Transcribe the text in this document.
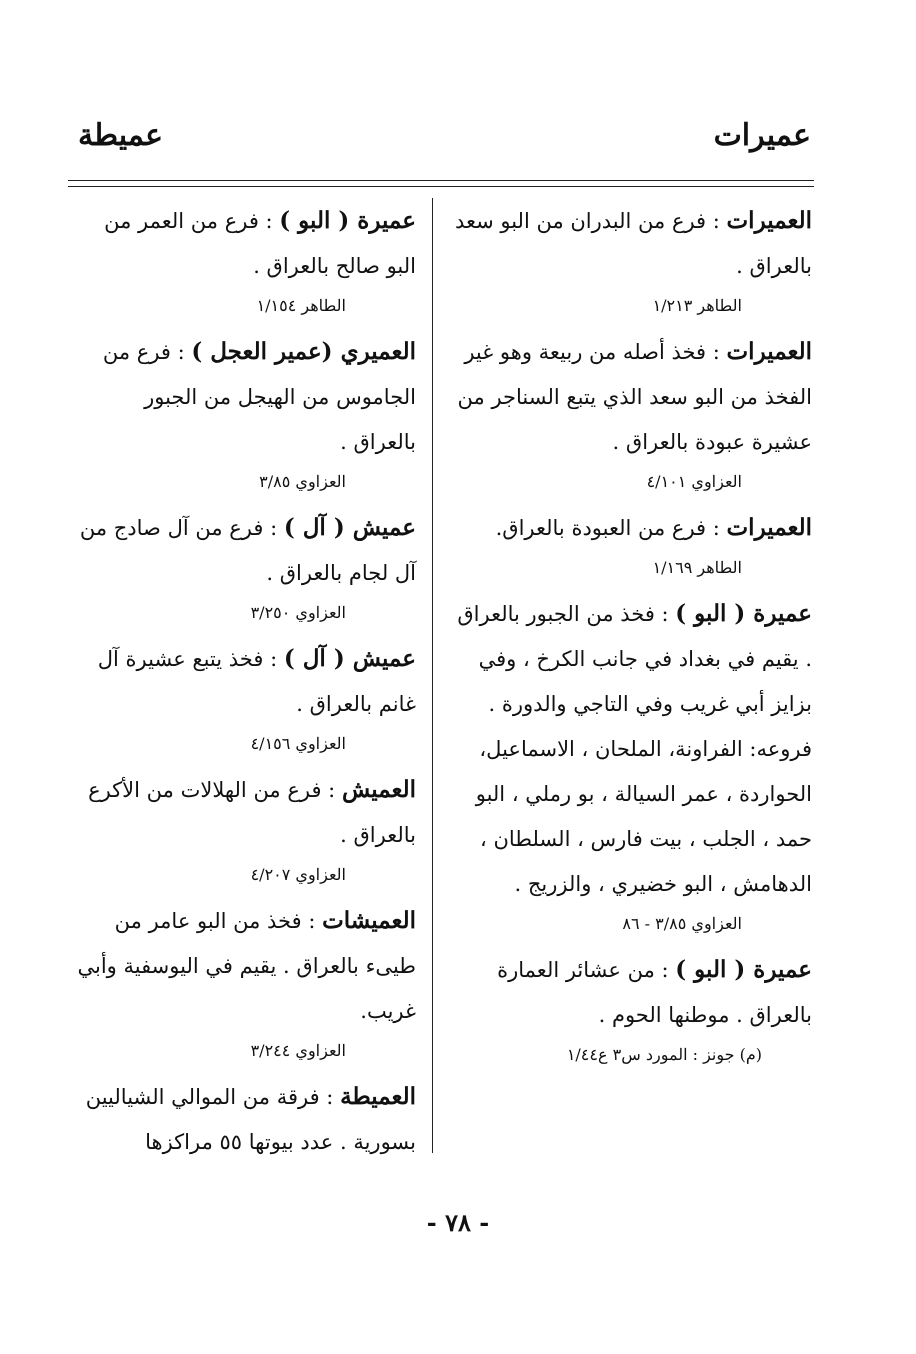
عميرات
عميطة
العميرات : فرع من البدران من البو سعد بالعراق .
الطاهر ١/٢١٣
العميرات : فخذ أصله من ربيعة وهو غير الفخذ من البو سعد الذي يتبع السناجر من عشيرة عبودة بالعراق .
العزاوي ٤/١٠١
العميرات : فرع من العبودة بالعراق.
الطاهر ١/١٦٩
عميرة ( البو ) : فخذ من الجبور بالعراق . يقيم في بغداد في جانب الكرخ ، وفي بزايز أبي غريب وفي التاجي والدورة . فروعه: الفراونة، الملحان ، الاسماعيل، الحواردة ، عمر السيالة ، بو رملي ، البو حمد ، الجلب ، بيت فارس ، السلطان ، الدهامش ، البو خضيري ، والزريج .
العزاوي ٣/٨٥ - ٨٦
عميرة ( البو ) : من عشائر العمارة بالعراق . موطنها الحوم .
(م) جونز : المورد س٣ ع١/٤٤
عميرة ( البو ) : فرع من العمر من البو صالح بالعراق .
الطاهر ١/١٥٤
العميري (عمير العجل ) : فرع من الجاموس من الهيجل من الجبور بالعراق .
العزاوي ٣/٨٥
عميش ( آل ) : فرع من آل صادج من آل لجام بالعراق .
العزاوي ٣/٢٥٠
عميش ( آل ) : فخذ يتبع عشيرة آل غانم بالعراق .
العزاوي ٤/١٥٦
العميش : فرع من الهلالات من الأكرع بالعراق .
العزاوي ٤/٢٠٧
العميشات : فخذ من البو عامر من طيىء بالعراق . يقيم في اليوسفية وأبي غريب.
العزاوي ٣/٢٤٤
العميطة : فرقة من الموالي الشياليين بسورية . عدد بيوتها ٥٥ مراكزها
- ٧٨ -
